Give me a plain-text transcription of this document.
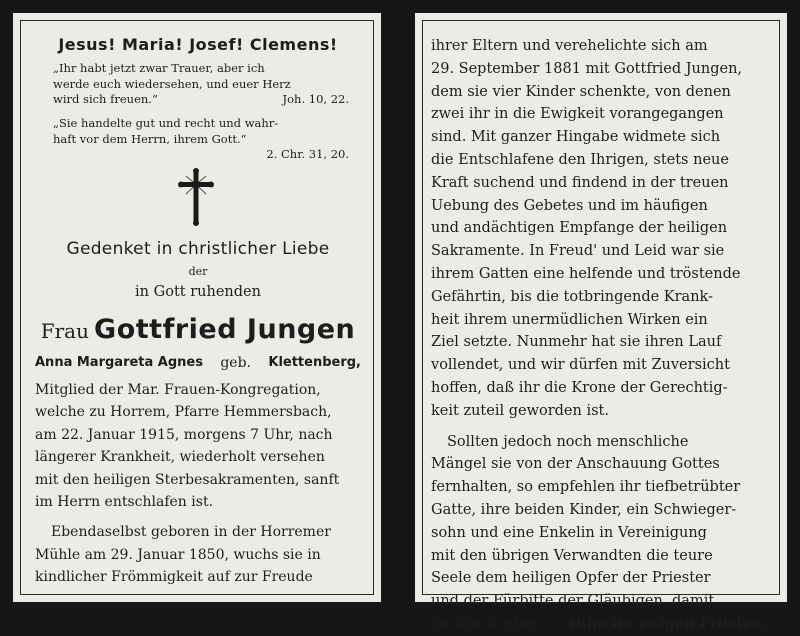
Jesus! Maria! Josef! Clemens!
„Ihr habt jetzt zwar Trauer, aber ich
werde euch wiedersehen, und euer Herz
wird sich freuen.“	Joh. 10, 22.
„Sie handelte gut und recht und wahr-
haft vor dem Herrn, ihrem Gott.“
2. Chr. 31, 20.
Gedenket in christlicher Liebe
der
in Gott ruhenden
Frau Gottfried Jungen
Anna Margareta Agnes geb. Klettenberg,

Mitglied der Mar. Frauen-Kongregation,

welche zu Horrem, Pfarre Hemmersbach,

am 22. Januar 1915, morgens 7 Uhr, nach

längerer Krankheit, wiederholt versehen

mit den heiligen Sterbesakramenten, sanft

im Herrn entschlafen ist.

Ebendaselbst geboren in der Horremer

Mühle am 29. Januar 1850, wuchs sie in

kindlicher Frömmigkeit auf zur Freude

ihrer Eltern und verehelichte sich am

29. September 1881 mit Gottfried Jungen,

dem sie vier Kinder schenkte, von denen

zwei ihr in die Ewigkeit vorangegangen

sind. Mit ganzer Hingabe widmete sich

die Entschlafene den Ihrigen, stets neue

Kraft suchend und findend in der treuen

Uebung des Gebetes und im häufigen

und andächtigen Empfange der heiligen

Sakramente. In Freud' und Leid war sie

ihrem Gatten eine helfende und tröstende

Gefährtin, bis die totbringende Krank-

heit ihrem unermüdlichen Wirken ein

Ziel setzte. Nunmehr hat sie ihren Lauf

vollendet, und wir dürfen mit Zuversicht

hoffen, daß ihr die Krone der Gerechtig-

keit zuteil geworden ist.

Sollten jedoch noch menschliche

Mängel sie von der Anschauung Gottes

fernhalten, so empfehlen ihr tiefbetrübter

Gatte, ihre beiden Kinder, ein Schwieger-

sohn und eine Enkelin in Vereinigung

mit den übrigen Verwandten die teure

Seele dem heiligen Opfer der Priester

und der Fürbitte der Gläubigen, damit

sie um so eher ruhe im ewigen Frieden.
